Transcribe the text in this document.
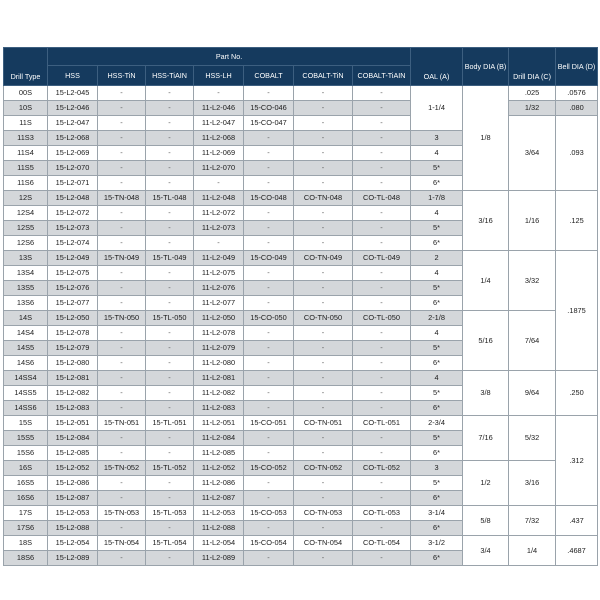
Drill Type	Part No.							OAL (A)	Body DIA (B)	Drill DIA (C)	Bell DIA (D)
	HSS	HSS-TiN	HSS-TiAIN	HSS-LH	COBALT	COBALT-TiN	COBALT-TiAIN				
00S	15-L2-045	-	-	-	-	-	-	1-1/4	1/8	.025	.0576
10S	15-L2-046	-	-	11-L2-046	15-CO-046	-	-			1/32	.080
11S	15-L2-047	-	-	11-L2-047	15-CO-047	-	-			3/64	.093
11S3	15-L2-068	-	-	11-L2-068	-	-	-	3			
11S4	15-L2-069	-	-	11-L2-069	-	-	-	4			
11S5	15-L2-070	-	-	11-L2-070	-	-	-	5*			
11S6	15-L2-071	-	-	-	-	-	-	6*			
12S	15-L2-048	15-TN-048	15-TL-048	11-L2-048	15-CO-048	CO-TN-048	CO-TL-048	1-7/8	3/16	1/16	.125
12S4	15-L2-072	-	-	11-L2-072	-	-	-	4			
12S5	15-L2-073	-	-	11-L2-073	-	-	-	5*			
12S6	15-L2-074	-	-	-	-	-	-	6*			
13S	15-L2-049	15-TN-049	15-TL-049	11-L2-049	15-CO-049	CO-TN-049	CO-TL-049	2	1/4	3/32	.1875
13S4	15-L2-075	-	-	11-L2-075	-	-	-	4			
13S5	15-L2-076	-	-	11-L2-076	-	-	-	5*			
13S6	15-L2-077	-	-	11-L2-077	-	-	-	6*			
14S	15-L2-050	15-TN-050	15-TL-050	11-L2-050	15-CO-050	CO-TN-050	CO-TL-050	2-1/8	5/16	7/64	
14S4	15-L2-078	-	-	11-L2-078	-	-	-	4			
14S5	15-L2-079	-	-	11-L2-079	-	-	-	5*			
14S6	15-L2-080	-	-	11-L2-080	-	-	-	6*			
14SS4	15-L2-081	-	-	11-L2-081	-	-	-	4	3/8	9/64	.250
14SS5	15-L2-082	-	-	11-L2-082	-	-	-	5*			
14SS6	15-L2-083	-	-	11-L2-083	-	-	-	6*			
15S	15-L2-051	15-TN-051	15-TL-051	11-L2-051	15-CO-051	CO-TN-051	CO-TL-051	2-3/4	7/16	5/32	.312
15S5	15-L2-084	-	-	11-L2-084	-	-	-	5*			
15S6	15-L2-085	-	-	11-L2-085	-	-	-	6*			
16S	15-L2-052	15-TN-052	15-TL-052	11-L2-052	15-CO-052	CO-TN-052	CO-TL-052	3	1/2	3/16	
16S5	15-L2-086	-	-	11-L2-086	-	-	-	5*			
16S6	15-L2-087	-	-	11-L2-087	-	-	-	6*			
17S	15-L2-053	15-TN-053	15-TL-053	11-L2-053	15-CO-053	CO-TN-053	CO-TL-053	3-1/4	5/8	7/32	.437
17S6	15-L2-088	-	-	11-L2-088	-	-	-	6*			
18S	15-L2-054	15-TN-054	15-TL-054	11-L2-054	15-CO-054	CO-TN-054	CO-TL-054	3-1/2	3/4	1/4	.4687
18S6	15-L2-089	-	-	11-L2-089	-	-	-	6*			
